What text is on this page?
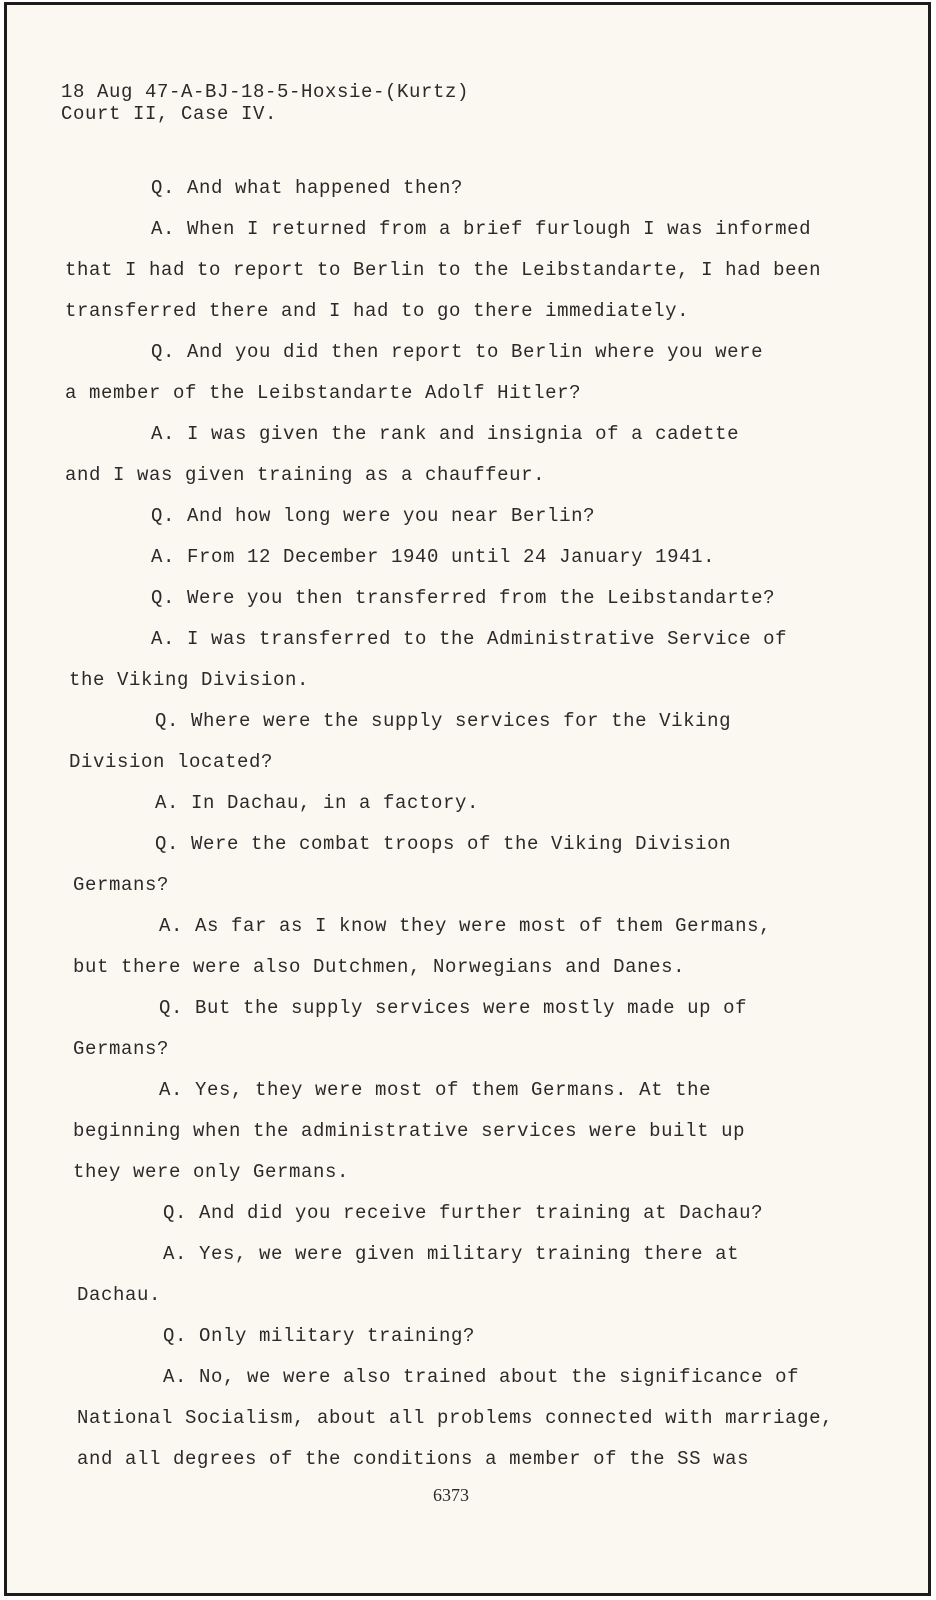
18 Aug 47-A-BJ-18-5-Hoxsie-(Kurtz)
Court II, Case IV.
Q. And what happened then?
A. When I returned from a brief furlough I was informed
that I had to report to Berlin to the Leibstandarte, I had been
transferred there and I had to go there immediately.
Q. And you did then report to Berlin where you were
a member of the Leibstandarte Adolf Hitler?
A. I was given the rank and insignia of a cadette
and I was given training as a chauffeur.
Q. And how long were you near Berlin?
A. From 12 December 1940 until 24 January 1941.
Q. Were you then transferred from the Leibstandarte?
A. I was transferred to the Administrative Service of
the Viking Division.
Q. Where were the supply services for the Viking
Division located?
A. In Dachau, in a factory.
Q. Were the combat troops of the Viking Division
Germans?
A. As far as I know they were most of them Germans,
but there were also Dutchmen, Norwegians and Danes.
Q. But the supply services were mostly made up of
Germans?
A. Yes, they were most of them Germans. At the
beginning when the administrative services were built up
they were only Germans.
Q. And did you receive further training at Dachau?
A. Yes, we were given military training there at
Dachau.
Q. Only military training?
A. No, we were also trained about the significance of
National Socialism, about all problems connected with marriage,
and all degrees of the conditions a member of the SS was
6373
